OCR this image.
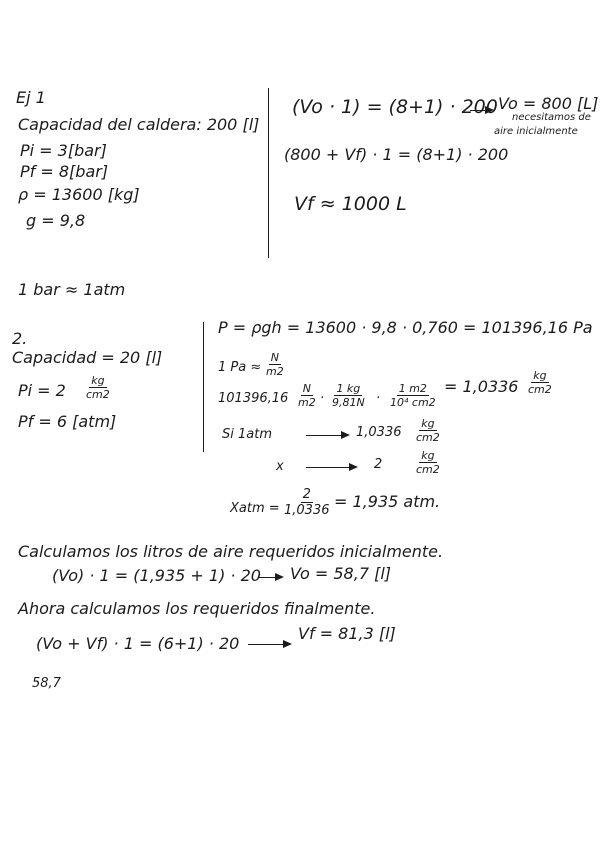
Ej 1
Capacidad del caldera: 200 [l]
Pi = 3[bar]
Pf = 8[bar]
ρ = 13600 [kg]
g = 9,8
(Vo · 1) = (8+1) · 200 Vo = 800 [L]
necesitamos de
aire inicialmente
(800 + Vf) · 1 = (8+1) · 200
Vf ≈ 1000 L
1 bar ≈ 1atm
2.
Capacidad = 20 [l]
$Pi = 2 \frac{kg}{cm2}$
Pf = 6 [atm]
P = ρgh = 13600 · 9,8 · 0,760 = 101396,16 Pa
1 $Pa \approx \frac{N}{m2}$
$101396,16 \frac{N}{m2} \cdot \frac{1 kg}{9,81N} \cdot \frac{1 m2}{\text{10⁴ cm2}} = 1,0336 \frac{kg}{cm2}$
Si 1atm	$1,0336 \frac{kg}{cm2}$
x	2	$\frac{kg}{cm2}$
Xatm = $\frac{2}{1,0336} = 1,935$ atm.
Calculamos los litros de aire requeridos inicialmente.
(Vo) · 1 = (1,935 + 1) · 20 Vo = 58,7 [l]
Ahora calculamos los requeridos finalmente.
(Vo + Vf) · 1 = (6+1) · 20
Vf = 81,3 [l]
58,7
